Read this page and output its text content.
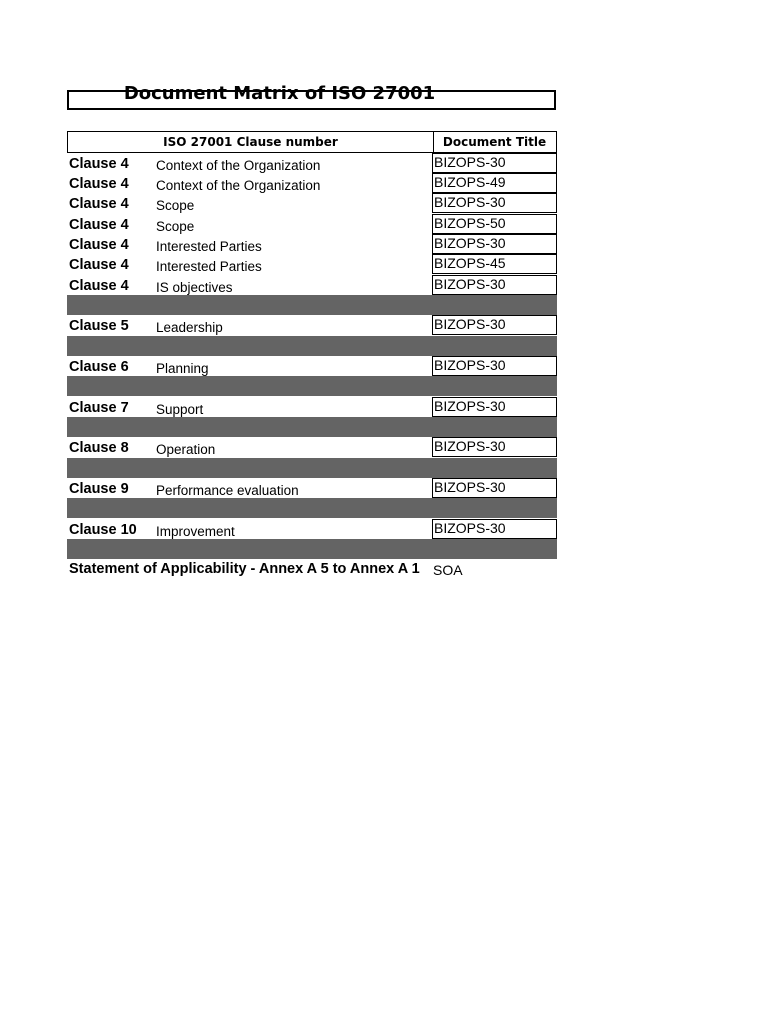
Document Matrix of ISO 27001
ISO 27001 Clause number	Document Title
Clause 4 Context of the Organization	BIZOPS-30
Clause 4 Context of the Organization	BIZOPS-49
Clause 4 Scope	BIZOPS-30
Clause 4 Scope	BIZOPS-50
Clause 4 Interested Parties	BIZOPS-30
Clause 4 Interested Parties	BIZOPS-45
Clause 4 IS objectives	BIZOPS-30
Clause 5 Leadership	BIZOPS-30
Clause 6 Planning	BIZOPS-30
Clause 7 Support	BIZOPS-30
Clause 8 Operation	BIZOPS-30
Clause 9 Performance evaluation	BIZOPS-30
Clause 10 Improvement	BIZOPS-30
Statement of Applicability - Annex A 5 to Annex A 1 SOA
